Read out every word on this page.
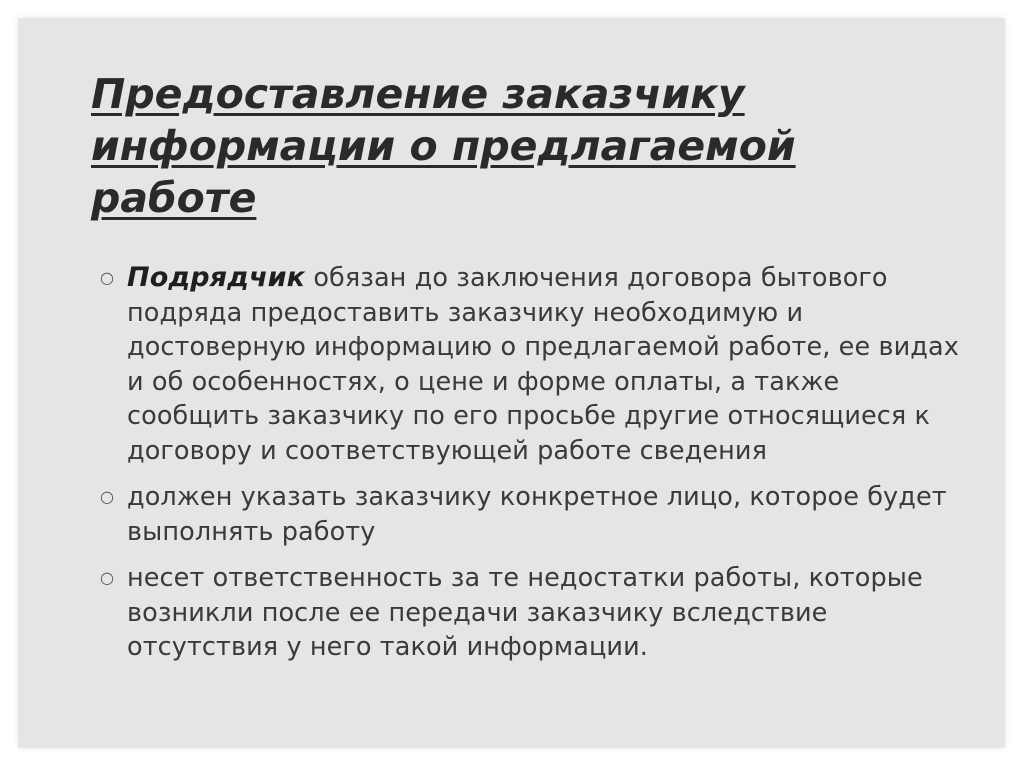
Предоставление заказчику информации о предлагаемой работе
○ Подрядчик обязан до заключения договора бытового подряда предоставить заказчику необходимую и достоверную информацию о предлагаемой работе, ее видах и об особенностях, о цене и форме оплаты, а также сообщить заказчику по его просьбе другие относящиеся к договору и соответствующей работе сведения
○ должен указать заказчику конкретное лицо, которое будет выполнять работу
○ несет ответственность за те недостатки работы, которые возникли после ее передачи заказчику вследствие отсутствия у него такой информации.
